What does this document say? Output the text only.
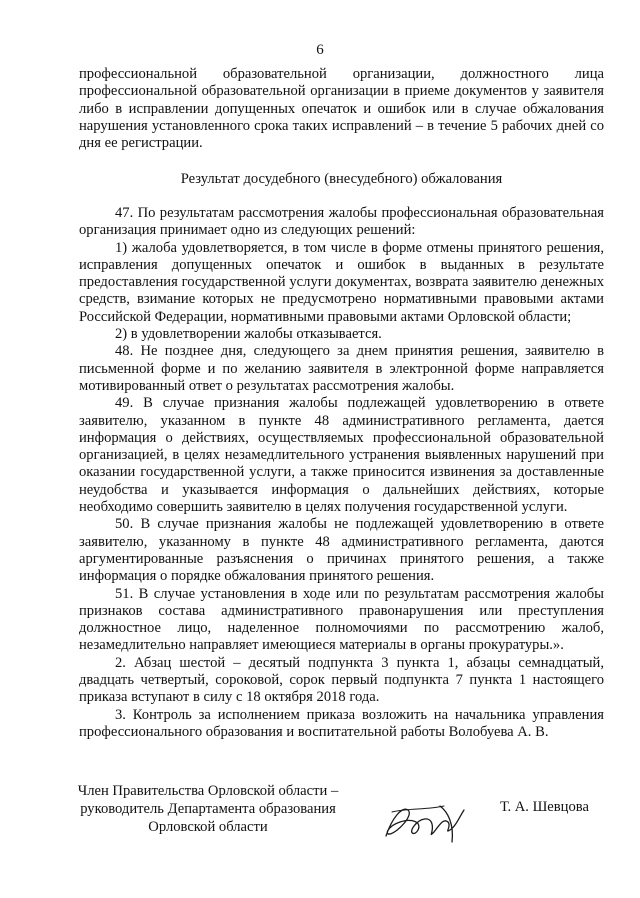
6

профессиональной образовательной организации, должностного лица профессиональной образовательной организации в приеме документов у заявителя либо в исправлении допущенных опечаток и ошибок или в случае обжалования нарушения установленного срока таких исправлений – в течение 5 рабочих дней со дня ее регистрации.

Результат досудебного (внесудебного) обжалования

47. По результатам рассмотрения жалобы профессиональная образовательная организация принимает одно из следующих решений:

1) жалоба удовлетворяется, в том числе в форме отмены принятого решения, исправления допущенных опечаток и ошибок в выданных в результате предоставления государственной услуги документах, возврата заявителю денежных средств, взимание которых не предусмотрено нормативными правовыми актами Российской Федерации, нормативными правовыми актами Орловской области;

2) в удовлетворении жалобы отказывается.

48. Не позднее дня, следующего за днем принятия решения, заявителю в письменной форме и по желанию заявителя в электронной форме направляется мотивированный ответ о результатах рассмотрения жалобы.

49. В случае признания жалобы подлежащей удовлетворению в ответе заявителю, указанном в пункте 48 административного регламента, дается информация о действиях, осуществляемых профессиональной образовательной организацией, в целях незамедлительного устранения выявленных нарушений при оказании государственной услуги, а также приносится извинения за доставленные неудобства и указывается информация о дальнейших действиях, которые необходимо совершить заявителю в целях получения государственной услуги.

50. В случае признания жалобы не подлежащей удовлетворению в ответе заявителю, указанному в пункте 48 административного регламента, даются аргументированные разъяснения о причинах принятого решения, а также информация о порядке обжалования принятого решения.

51. В случае установления в ходе или по результатам рассмотрения жалобы признаков состава административного правонарушения или преступления должностное лицо, наделенное полномочиями по рассмотрению жалоб, незамедлительно направляет имеющиеся материалы в органы прокуратуры.».

2. Абзац шестой – десятый подпункта 3 пункта 1, абзацы семнадцатый, двадцать четвертый, сороковой, сорок первый подпункта 7 пункта 1 настоящего приказа вступают в силу с 18 октября 2018 года.

3. Контроль за исполнением приказа возложить на начальника управления профессионального образования и воспитательной работы Волобуева А. В.

Член Правительства Орловской области –
руководитель Департамента образования
Орловской области
Т. А. Шевцова
